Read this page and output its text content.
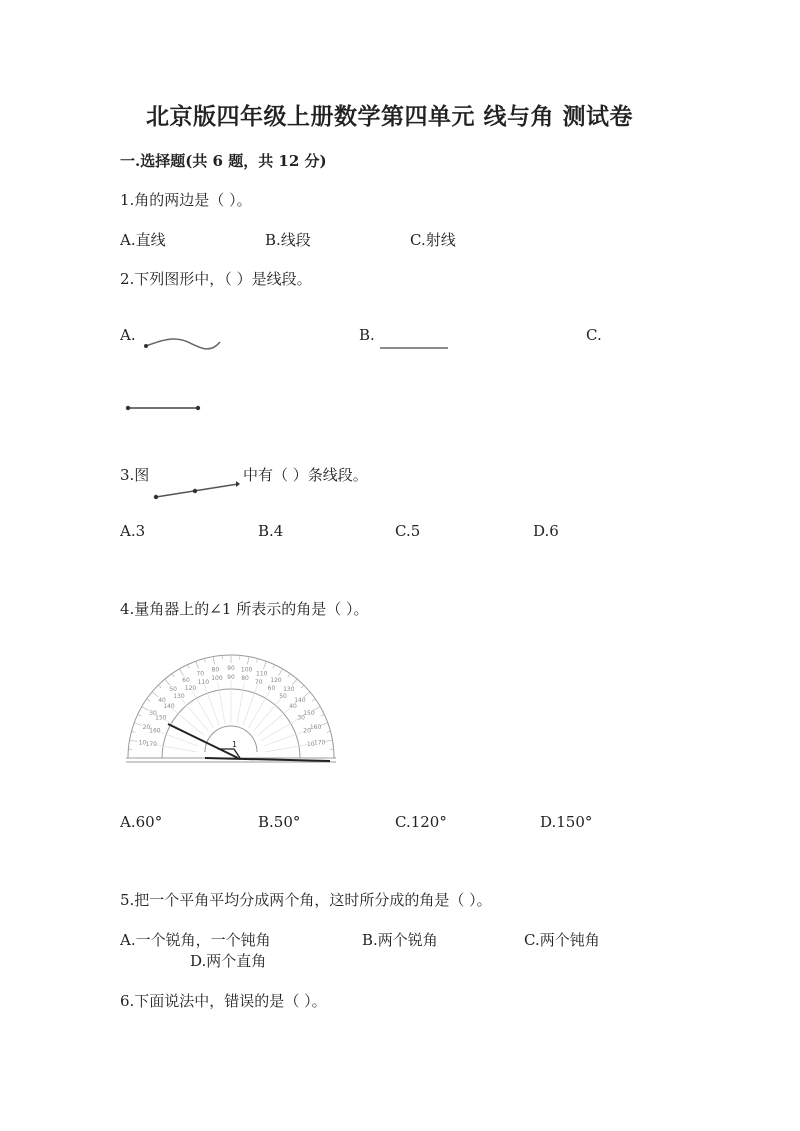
北京版四年级上册数学第四单元 线与角 测试卷
一.选择题(共 6 题，共 12 分)
1.角的两边是（ ）。
A.直线	B.线段	C.射线
2.下列图形中，（ ）是线段。
A.	B.	C.
3.图	中有（ ）条线段。
A.3	B.4	C.5	D.6
4.量角器上的∠1 所表示的角是（ ）。
10
20
30
40
50
60
70
80 90 100
110
120
130
140
150
160
170
170
160
150
140
130
120
110
100 90 80
70
60
50
40
30
20
10
1
A.60°	B.50°	C.120°	D.150°
5.把一个平角平均分成两个角，这时所分成的角是（ ）。
A.一个锐角，一个钝角	B.两个锐角	C.两个钝角
D.两个直角
6.下面说法中，错误的是（ ）。
